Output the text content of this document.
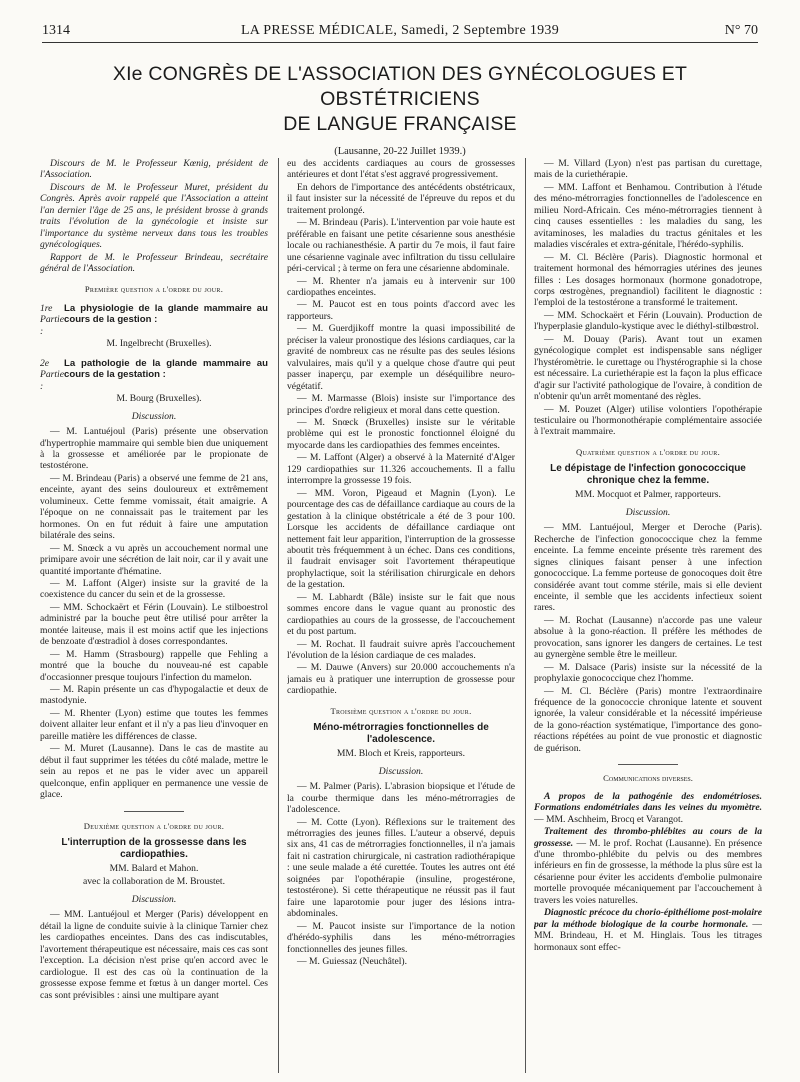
1314	LA PRESSE MÉDICALE, Samedi, 2 Septembre 1939	N° 70
XIe CONGRÈS DE L'ASSOCIATION DES GYNÉCOLOGUES ET OBSTÉTRICIENS
DE LANGUE FRANÇAISE
(Lausanne, 20-22 Juillet 1939.)

Discours de M. le Professeur Kœnig, président de l'Association.

Discours de M. le Professeur Muret, président du Congrès. Après avoir rappelé que l'Association a atteint l'an dernier l'âge de 25 ans, le président brosse à grands traits l'évolution de la gynécologie et insiste sur l'importance du système nerveux dans tous les troubles gynécologiques.

Rapport de M. le Professeur Brindeau, secrétaire général de l'Association.

Première question a l'ordre du jour.
1re Partie :
La physiologie de la glande mammaire au cours de la gestion :

M. Ingelbrecht (Bruxelles).

2e Partie :
La pathologie de la glande mammaire au cours de la gestation :

M. Bourg (Bruxelles).

Discussion.

— M. Lantuéjoul (Paris) présente une observation d'hypertrophie mammaire qui semble bien due uniquement à la grossesse et améliorée par le propionate de testostérone.

— M. Brindeau (Paris) a observé une femme de 21 ans, enceinte, ayant des seins douloureux et extrêmement volumineux. Cette femme vomissait, était amaigrie. A l'époque on ne connaissait pas le traitement par les hormones. On en fut réduit à faire une amputation bilatérale des seins.

— M. Snœck a vu après un accouchement normal une primipare avoir une sécrétion de lait noir, car il y avait une quantité importante d'hématine.

— M. Laffont (Alger) insiste sur la gravité de la coexistence du cancer du sein et de la grossesse.

— MM. Schockaërt et Férin (Louvain). Le stilboestrol administré par la bouche peut être utilisé pour arrêter la montée laiteuse, mais il est moins actif que les injections de benzoate d'œstradiol à doses correspondantes.

— M. Hamm (Strasbourg) rappelle que Fehling a montré que la bouche du nouveau-né est capable d'occasionner presque toujours l'infection du mamelon.

— M. Rapin présente un cas d'hypogalactie et deux de mastodynie.

— M. Rhenter (Lyon) estime que toutes les femmes doivent allaiter leur enfant et il n'y a pas lieu d'invoquer en pareille matière les différences de classe.

— M. Muret (Lausanne). Dans le cas de mastite au début il faut supprimer les tétées du côté malade, mettre le sein au repos et ne pas le vider avec un appareil quelconque, enfin appliquer en permanence une vessie de glace.

Deuxième question a l'ordre du jour.
L'interruption de la grossesse dans les cardiopathies.

MM. Balard et Mahon.

avec la collaboration de M. Broustet.

Discussion.

— MM. Lantuéjoul et Merger (Paris) développent en détail la ligne de conduite suivie à la clinique Tarnier chez les cardiopathes enceintes. Dans des cas indiscutables, l'avortement thérapeutique est nécessaire, mais ces cas sont l'exception. La décision n'est prise qu'en accord avec le cardiologue. Il est des cas où la continuation de la grossesse expose femme et fœtus à un danger mortel. Ces cas sont prévisibles : ainsi une multipare ayant

eu des accidents cardiaques au cours de grossesses antérieures et dont l'état s'est aggravé progressivement.

En dehors de l'importance des antécédents obstétricaux, il faut insister sur la nécessité de l'épreuve du repos et du traitement prolongé.

— M. Brindeau (Paris). L'intervention par voie haute est préférable en faisant une petite césarienne sous anesthésie locale ou rachianesthésie. A partir du 7e mois, il faut faire une césarienne vaginale avec infiltration du tissu cellulaire péri-cervical ; à terme on fera une césarienne abdominale.

— M. Rhenter n'a jamais eu à intervenir sur 100 cardiopathes enceintes.

— M. Paucot est en tous points d'accord avec les rapporteurs.

— M. Guerdjikoff montre la quasi impossibilité de préciser la valeur pronostique des lésions cardiaques, car la gravité de nombreux cas ne résulte pas des seules lésions valvulaires, mais qu'il y a quelque chose d'autre qui peut passer inaperçu, par exemple un déséquilibre neuro-végétatif.

— M. Marmasse (Blois) insiste sur l'importance des principes d'ordre religieux et moral dans cette question.

— M. Snœck (Bruxelles) insiste sur le véritable problème qui est le pronostic fonctionnel éloigné du myocarde dans les cardiopathies des femmes enceintes.

— M. Laffont (Alger) a observé à la Maternité d'Alger 129 cardiopathies sur 11.326 accouchements. Il a fallu interrompre la grossesse 19 fois.

— MM. Voron, Pigeaud et Magnin (Lyon). Le pourcentage des cas de défaillance cardiaque au cours de la gestation à la clinique obstétricale a été de 3 pour 100. Lorsque les accidents de défaillance cardiaque ont nettement fait leur apparition, l'interruption de la grossesse aboutit très fréquemment à un échec. Dans ces conditions, il faudrait envisager soit l'avortement thérapeutique prophylactique, soit la stérilisation chirurgicale en dehors de la gestation.

— M. Labhardt (Bâle) insiste sur le fait que nous sommes encore dans le vague quant au pronostic des cardiopathies au cours de la grossesse, de l'accouchement et du post partum.

— M. Rochat. Il faudrait suivre après l'accouchement l'évolution de la lésion cardiaque de ces malades.

— M. Dauwe (Anvers) sur 20.000 accouchements n'a jamais eu à pratiquer une interruption de grossesse pour cardiopathie.

Troisième question a l'ordre du jour.
Méno-métrorragies fonctionnelles de l'adolescence.

MM. Bloch et Kreis, rapporteurs.

Discussion.

— M. Palmer (Paris). L'abrasion biopsique et l'étude de la courbe thermique dans les méno-métrorragies de l'adolescence.

— M. Cotte (Lyon). Réflexions sur le traitement des métrorragies des jeunes filles. L'auteur a observé, depuis six ans, 41 cas de métrorragies fonctionnelles, il n'a jamais fait ni castration chirurgicale, ni castration radiothérapique : une seule malade a été curettée. Toutes les autres ont été soignées par l'opothérapie (insuline, progestérone, testostérone). Si cette thérapeutique ne réussit pas il faut faire une laparotomie pour juger des lésions intra-abdominales.

— M. Paucot insiste sur l'importance de la notion d'hérédo-syphilis dans les méno-métrorragies fonctionnelles des jeunes filles.

— M. Guiessaz (Neuchâtel).

— M. Villard (Lyon) n'est pas partisan du curettage, mais de la curiethérapie.

— MM. Laffont et Benhamou. Contribution à l'étude des méno-métrorragies fonctionnelles de l'adolescence en milieu Nord-Africain. Ces méno-métrorragies tiennent à cinq causes essentielles : les maladies du sang, les avitaminoses, les maladies du tractus génitales et les maladies viscérales et extra-génitale, l'hérédo-syphilis.

— M. Cl. Béclère (Paris). Diagnostic hormonal et traitement hormonal des hémorragies utérines des jeunes filles : Les dosages hormonaux (hormone gonadotrope, corps œstrogènes, pregnandiol) facilitent le diagnostic : l'emploi de la testostérone a transformé le traitement.

— MM. Schockaërt et Férin (Louvain). Production de l'hyperplasie glandulo-kystique avec le diéthyl-stilbœstrol.

— M. Douay (Paris). Avant tout un examen gynécologique complet est indispensable sans négliger l'hystéromètrie. le curettage ou l'hystérographie si la chose est nécessaire. La curiethérapie est la façon la plus efficace d'agir sur l'activité pathologique de l'ovaire, à condition de n'obtenir qu'un arrêt momentané des règles.

— M. Pouzet (Alger) utilise volontiers l'opothérapie testiculaire ou l'hormonothérapie complémentaire associée à l'extrait mammaire.

Quatrième question a l'ordre du jour.
Le dépistage de l'infection gonococcique chronique chez la femme.

MM. Mocquot et Palmer, rapporteurs.

Discussion.

— MM. Lantuéjoul, Merger et Deroche (Paris). Recherche de l'infection gonococcique chez la femme enceinte. La femme enceinte présente très rarement des signes cliniques faisant penser à une infection gonococcique. La femme porteuse de gonocoques doit être considérée avant tout comme stérile, mais si elle devient enceinte, il semble que les accidents infectieux soient rares.

— M. Rochat (Lausanne) n'accorde pas une valeur absolue à la gono-réaction. Il préfère les méthodes de provocation, sans ignorer les dangers de certaines. Le test au gynergène semble être le meilleur.

— M. Dalsace (Paris) insiste sur la nécessité de la prophylaxie gonococcique chez l'homme.

— M. Cl. Béclère (Paris) montre l'extraordinaire fréquence de la gonococcie chronique latente et souvent ignorée, la valeur considérable et la nécessité impérieuse de la gono-réaction systématique, l'importance des gono-réactions répétées au point de vue pronostic et diagnostic de guérison.

Communications diverses.

A propos de la pathogénie des endométrioses. Formations endométriales dans les veines du myomètre. — MM. Aschheim, Brocq et Varangot.

Traitement des thrombo-phlébites au cours de la grossesse. — M. le prof. Rochat (Lausanne). En présence d'une thrombo-phlébite du pelvis ou des membres inférieurs en fin de grossesse, la méthode la plus sûre est la césarienne pour éviter les accidents d'embolie pulmonaire mortelle provoquée mécaniquement par l'accouchement à travers les voies naturelles.

Diagnostic précoce du chorio-épithéliome post-molaire par la méthode biologique de la courbe hormonale. — MM. Brindeau, H. et M. Hinglais. Tous les titrages hormonaux sont effec-
